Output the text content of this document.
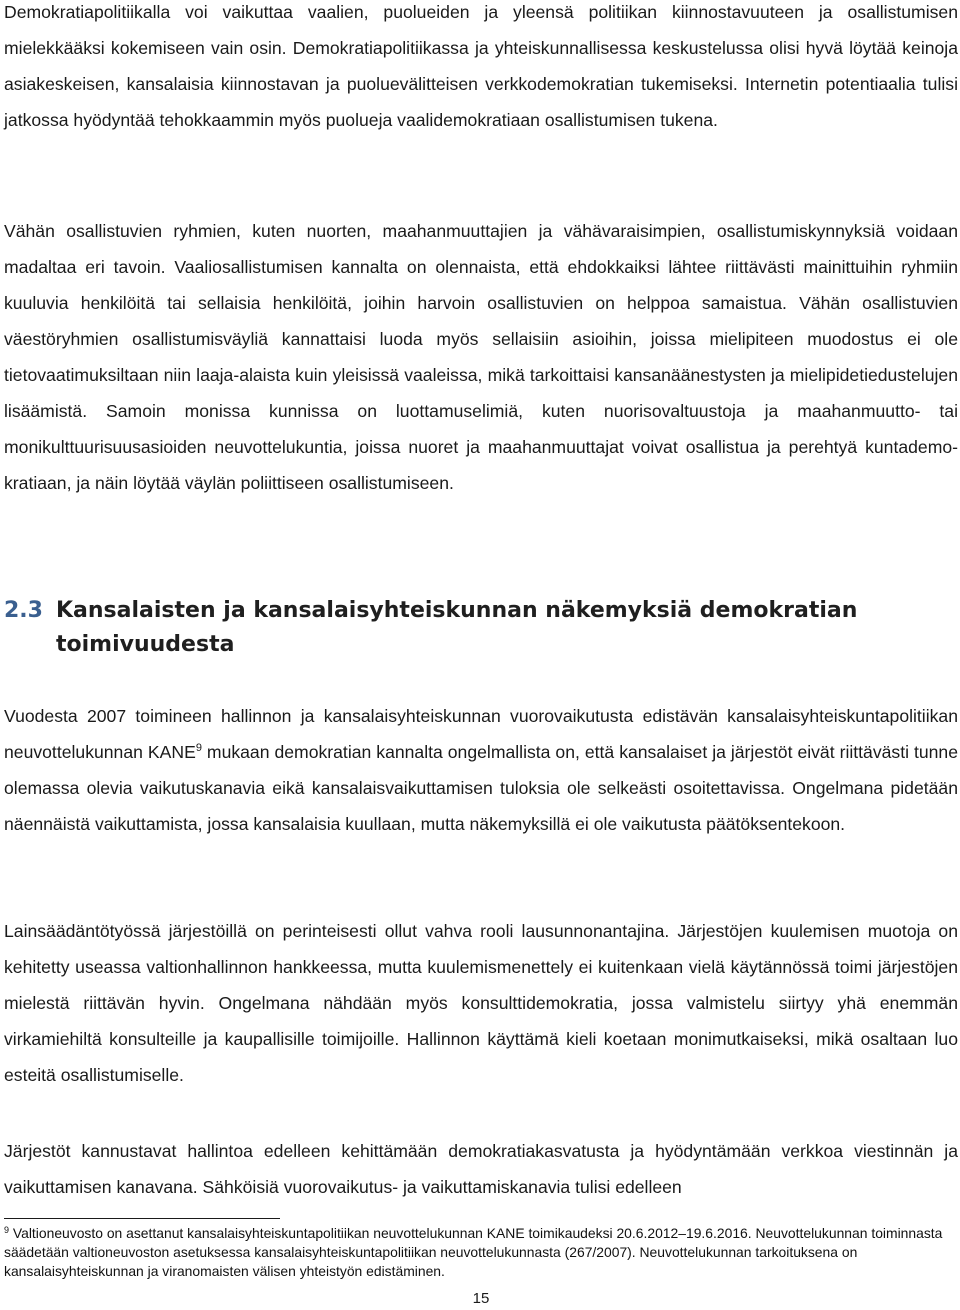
Demokratiapolitiikalla voi vaikuttaa vaalien, puolueiden ja yleensä politiikan kiinnostavuuteen ja osallistumisen mielekkääksi kokemiseen vain osin. Demokratiapolitiikassa ja yhteiskunnallisessa keskustelussa olisi hyvä löytää keinoja asiakeskeisen, kansalaisia kiinnostavan ja puoluevälitteisen verkkodemokratian tukemiseksi. Internetin potentiaalia tulisi jatkossa hyödyntää tehokkaammin myös puolueja vaalidemokratiaan osallistumisen tukena.

Vähän osallistuvien ryhmien, kuten nuorten, maahanmuuttajien ja vähävaraisimpien, osallistumiskynnyksiä voidaan madaltaa eri tavoin. Vaaliosallistumisen kannalta on olennaista, että ehdokkaiksi lähtee riittävästi mainittuihin ryhmiin kuuluvia henkilöitä tai sellaisia henkilöitä, joihin harvoin osallistuvien on helppoa samaistua. Vähän osallistuvien väestöryhmien osallistumisväyliä kannattaisi luoda myös sellaisiin asioihin, joissa mielipiteen muodostus ei ole tietovaatimuksiltaan niin laaja-alaista kuin yleisissä vaaleissa, mikä tarkoittaisi kansanäänestysten ja mielipidetiedustelujen lisäämistä. Samoin monissa kunnissa on luottamuselimiä, kuten nuorisovaltuustoja ja maahanmuutto- tai monikulttuurisuusasioiden neuvottelukuntia, joissa nuoret ja maahanmuuttajat voivat osallistua ja perehtyä kuntademokratiaan, ja näin löytää väylän poliittiseen osallistumiseen.

2.3 Kansalaisten ja kansalaisyhteiskunnan näkemyksiä demokratian toimivuudesta

Vuodesta 2007 toimineen hallinnon ja kansalaisyhteiskunnan vuorovaikutusta edistävän kansalaisyhteiskuntapolitiikan neuvottelukunnan KANE$^9$ mukaan demokratian kannalta ongelmallista on, että kansalaiset ja järjestöt eivät riittävästi tunne olemassa olevia vaikutuskanavia eikä kansalaisvaikuttamisen tuloksia ole selkeästi osoitettavissa. Ongelmana pidetään näennäistä vaikuttamista, jossa kansalaisia kuullaan, mutta näkemyksillä ei ole vaikutusta päätöksentekoon.

Lainsäädäntötyössä järjestöillä on perinteisesti ollut vahva rooli lausunnonantajina. Järjestöjen kuulemisen muotoja on kehitetty useassa valtionhallinnon hankkeessa, mutta kuulemismenettely ei kuitenkaan vielä käytännössä toimi järjestöjen mielestä riittävän hyvin. Ongelmana nähdään myös konsulttidemokratia, jossa valmistelu siirtyy yhä enemmän virkamiehiltä konsulteille ja kaupallisille toimijoille. Hallinnon käyttämä kieli koetaan monimutkaiseksi, mikä osaltaan luo esteitä osallistumiselle.

Järjestöt kannustavat hallintoa edelleen kehittämään demokratiakasvatusta ja hyödyntämään verkkoa viestinnän ja vaikuttamisen kanavana. Sähköisiä vuorovaikutus- ja vaikuttamiskanavia tulisi edelleen

$^9$ Valtioneuvosto on asettanut kansalaisyhteiskuntapolitiikan neuvottelukunnan KANE toimikaudeksi 20.6.2012–19.6.2016. Neuvottelukunnan toiminnasta säädetään valtioneuvoston asetuksessa kansalaisyhteiskuntapolitiikan neuvottelukunnasta (267/2007). Neuvottelukunnan tarkoituksena on kansalaisyhteiskunnan ja viranomaisten välisen yhteistyön edistäminen.

15
